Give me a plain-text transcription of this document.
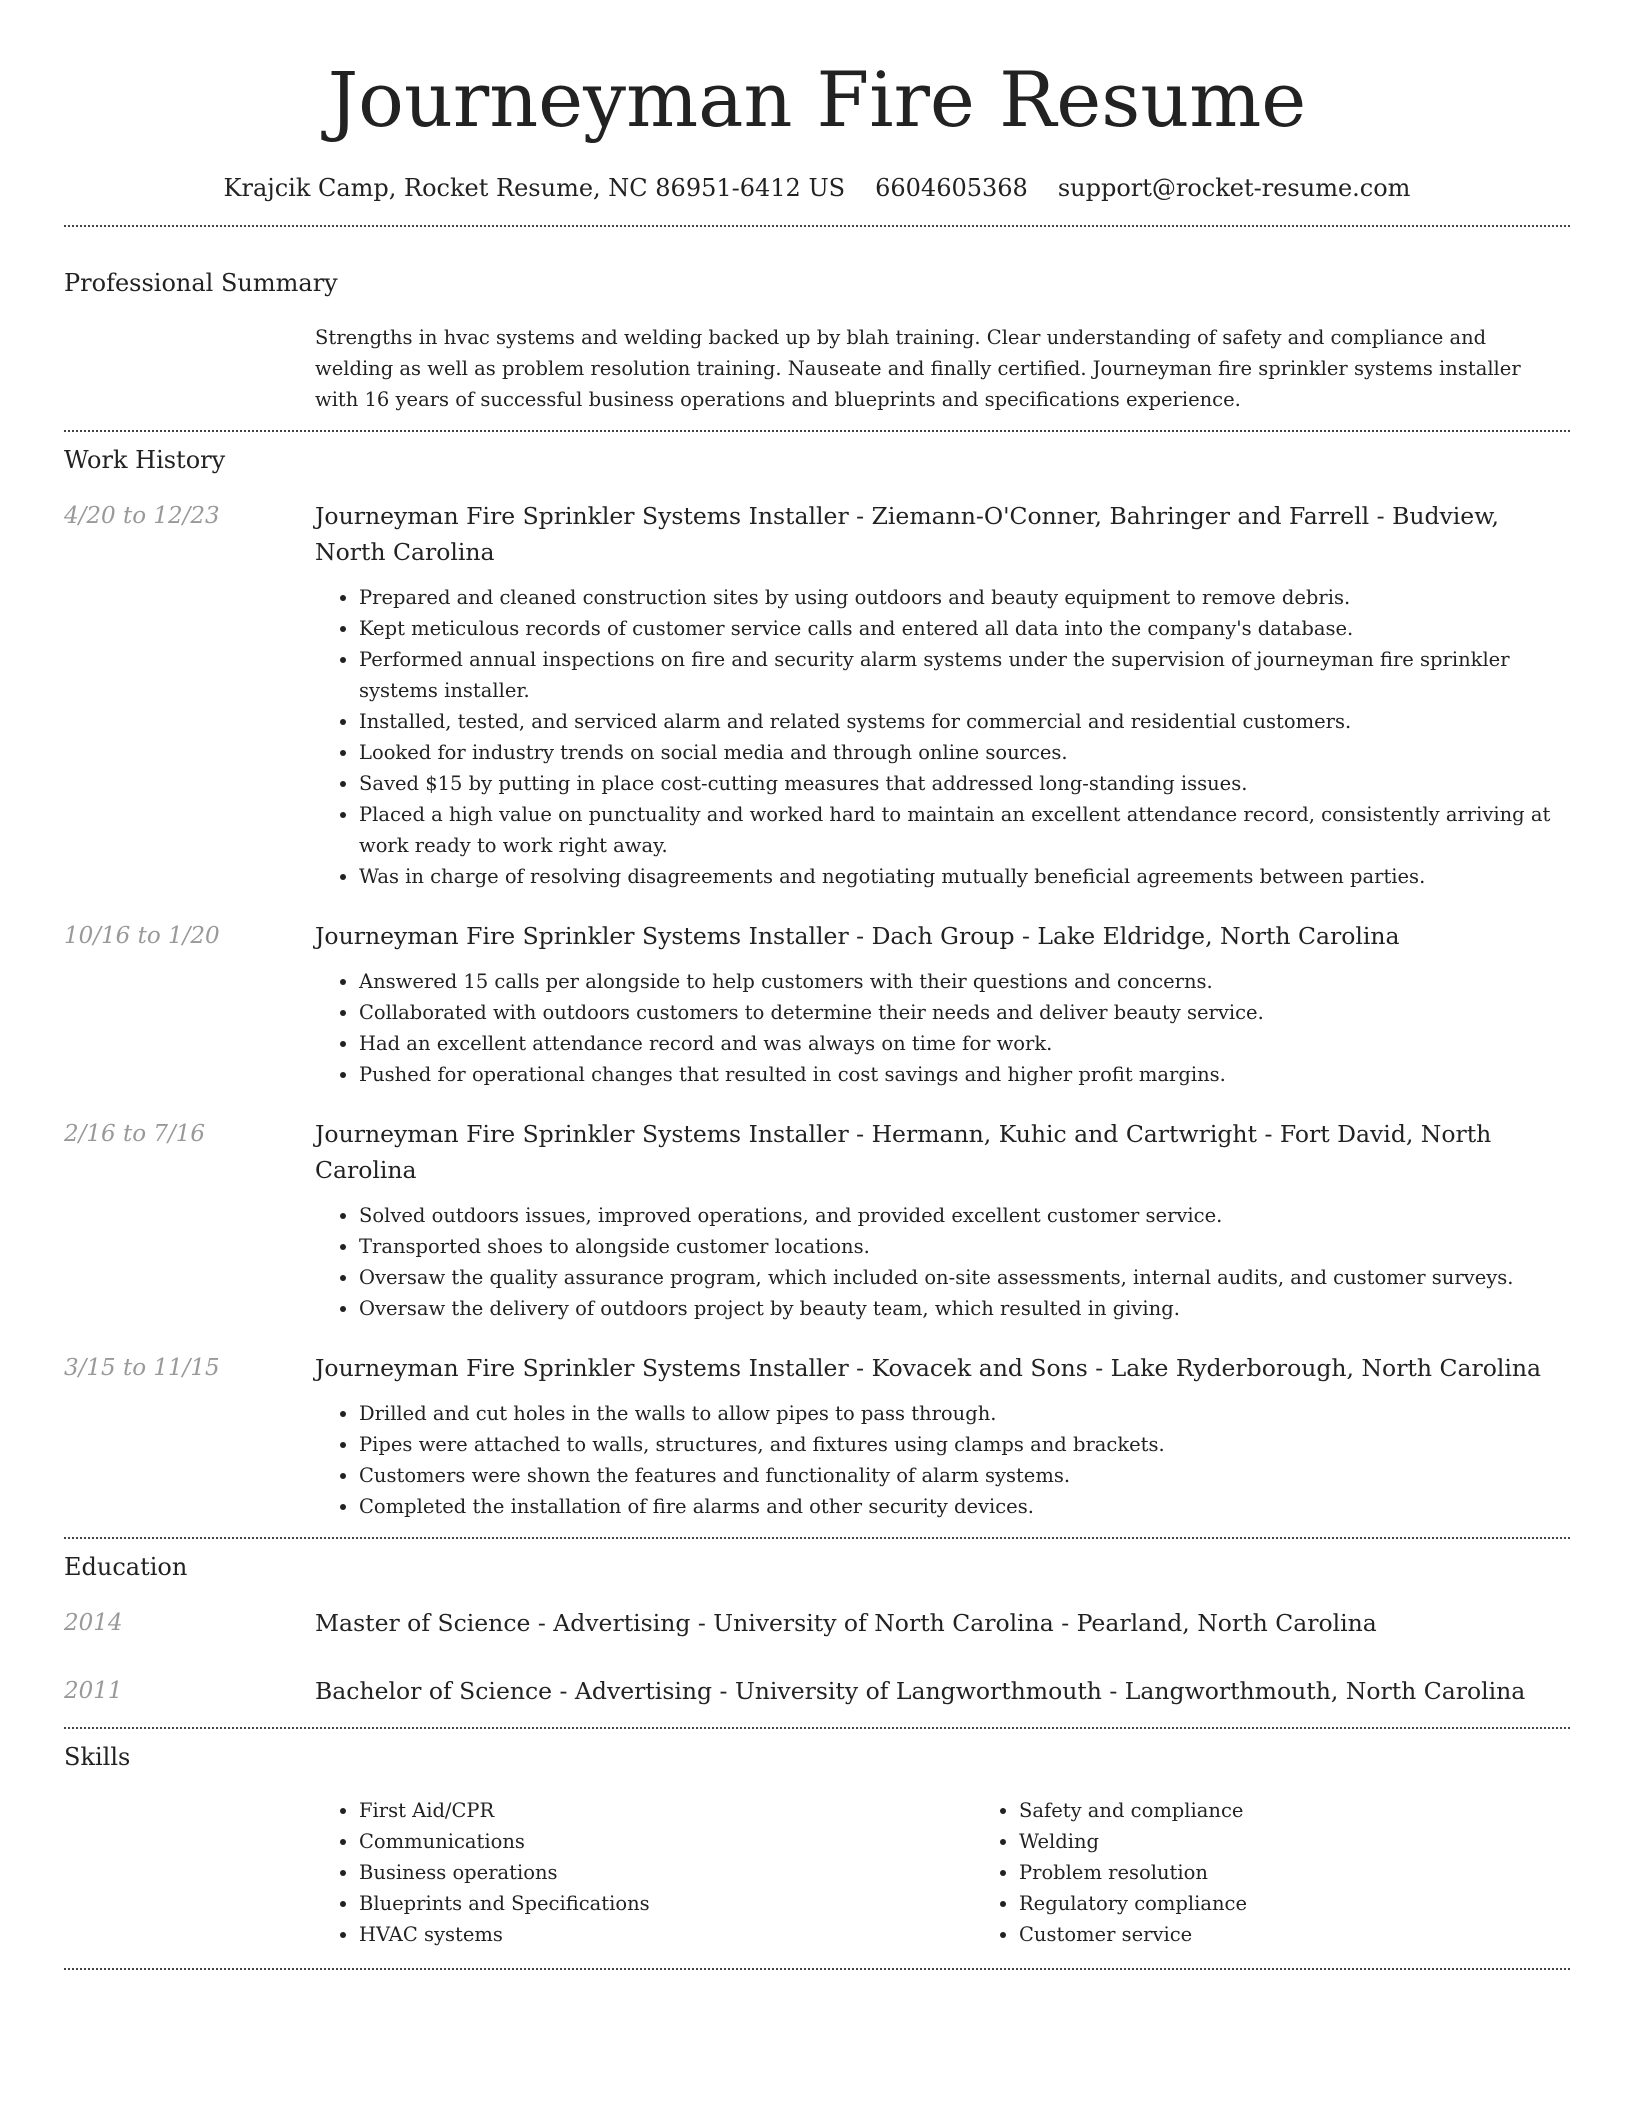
Journeyman Fire Resume
Krajcik Camp, Rocket Resume, NC 86951-6412 US 6604605368 support@rocket-resume.com
Professional Summary
Strengths in hvac systems and welding backed up by blah training. Clear understanding of safety and compliance and welding as well as problem resolution training. Nauseate and finally certified. Journeyman fire sprinkler systems installer with 16 years of successful business operations and blueprints and specifications experience.
Work History
4/20 to 12/23	Journeyman Fire Sprinkler Systems Installer - Ziemann-O'Conner, Bahringer and Farrell - Budview, North Carolina
• Prepared and cleaned construction sites by using outdoors and beauty equipment to remove debris.
• Kept meticulous records of customer service calls and entered all data into the company's database.
• Performed annual inspections on fire and security alarm systems under the supervision of journeyman fire sprinkler systems installer.
• Installed, tested, and serviced alarm and related systems for commercial and residential customers.
• Looked for industry trends on social media and through online sources.
• Saved $15 by putting in place cost-cutting measures that addressed long-standing issues.
• Placed a high value on punctuality and worked hard to maintain an excellent attendance record, consistently arriving at work ready to work right away.
• Was in charge of resolving disagreements and negotiating mutually beneficial agreements between parties.
10/16 to 1/20	Journeyman Fire Sprinkler Systems Installer - Dach Group - Lake Eldridge, North Carolina
• Answered 15 calls per alongside to help customers with their questions and concerns.
• Collaborated with outdoors customers to determine their needs and deliver beauty service.
• Had an excellent attendance record and was always on time for work.
• Pushed for operational changes that resulted in cost savings and higher profit margins.
2/16 to 7/16	Journeyman Fire Sprinkler Systems Installer - Hermann, Kuhic and Cartwright - Fort David, North Carolina
• Solved outdoors issues, improved operations, and provided excellent customer service.
• Transported shoes to alongside customer locations.
• Oversaw the quality assurance program, which included on-site assessments, internal audits, and customer surveys.
• Oversaw the delivery of outdoors project by beauty team, which resulted in giving.
3/15 to 11/15	Journeyman Fire Sprinkler Systems Installer - Kovacek and Sons - Lake Ryderborough, North Carolina
• Drilled and cut holes in the walls to allow pipes to pass through.
• Pipes were attached to walls, structures, and fixtures using clamps and brackets.
• Customers were shown the features and functionality of alarm systems.
• Completed the installation of fire alarms and other security devices.
Education
2014	Master of Science - Advertising - University of North Carolina - Pearland, North Carolina
2011	Bachelor of Science - Advertising - University of Langworthmouth - Langworthmouth, North Carolina
Skills
• First Aid/CPR
• Communications
• Business operations
• Blueprints and Specifications
• HVAC systems
• Safety and compliance
• Welding
• Problem resolution
• Regulatory compliance
• Customer service
